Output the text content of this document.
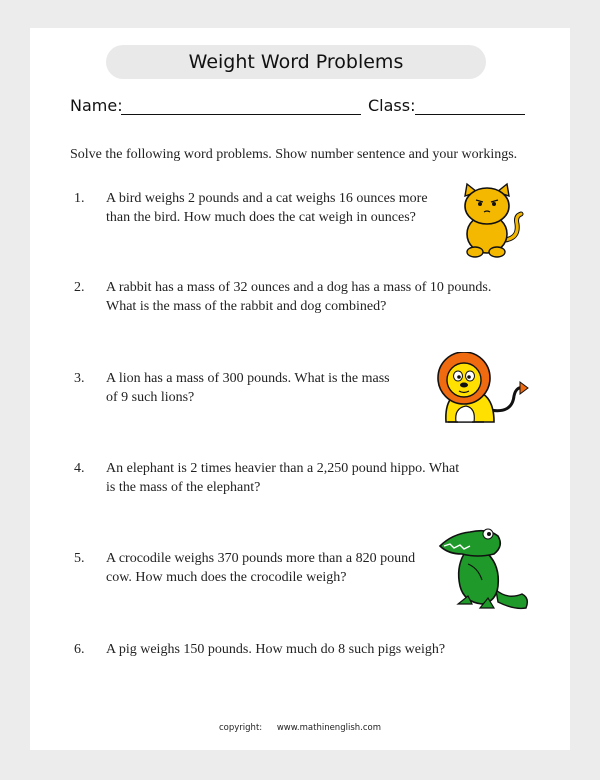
Weight Word Problems
Name:	Class:
Solve the following word problems. Show number sentence and your workings.
1. A bird weighs 2 pounds and a cat weighs 16 ounces more
than the bird. How much does the cat weigh in ounces?
2. A rabbit has a mass of 32 ounces and a dog has a mass of 10 pounds.
What is the mass of the rabbit and dog combined?
3. A lion has a mass of 300 pounds. What is the mass
of 9 such lions?
4. An elephant is 2 times heavier than a 2,250 pound hippo. What
is the mass of the elephant?
5. A crocodile weighs 370 pounds more than a 820 pound
cow. How much does the crocodile weigh?
6. A pig weighs 150 pounds. How much do 8 such pigs weigh?
copyright: www.mathinenglish.com
